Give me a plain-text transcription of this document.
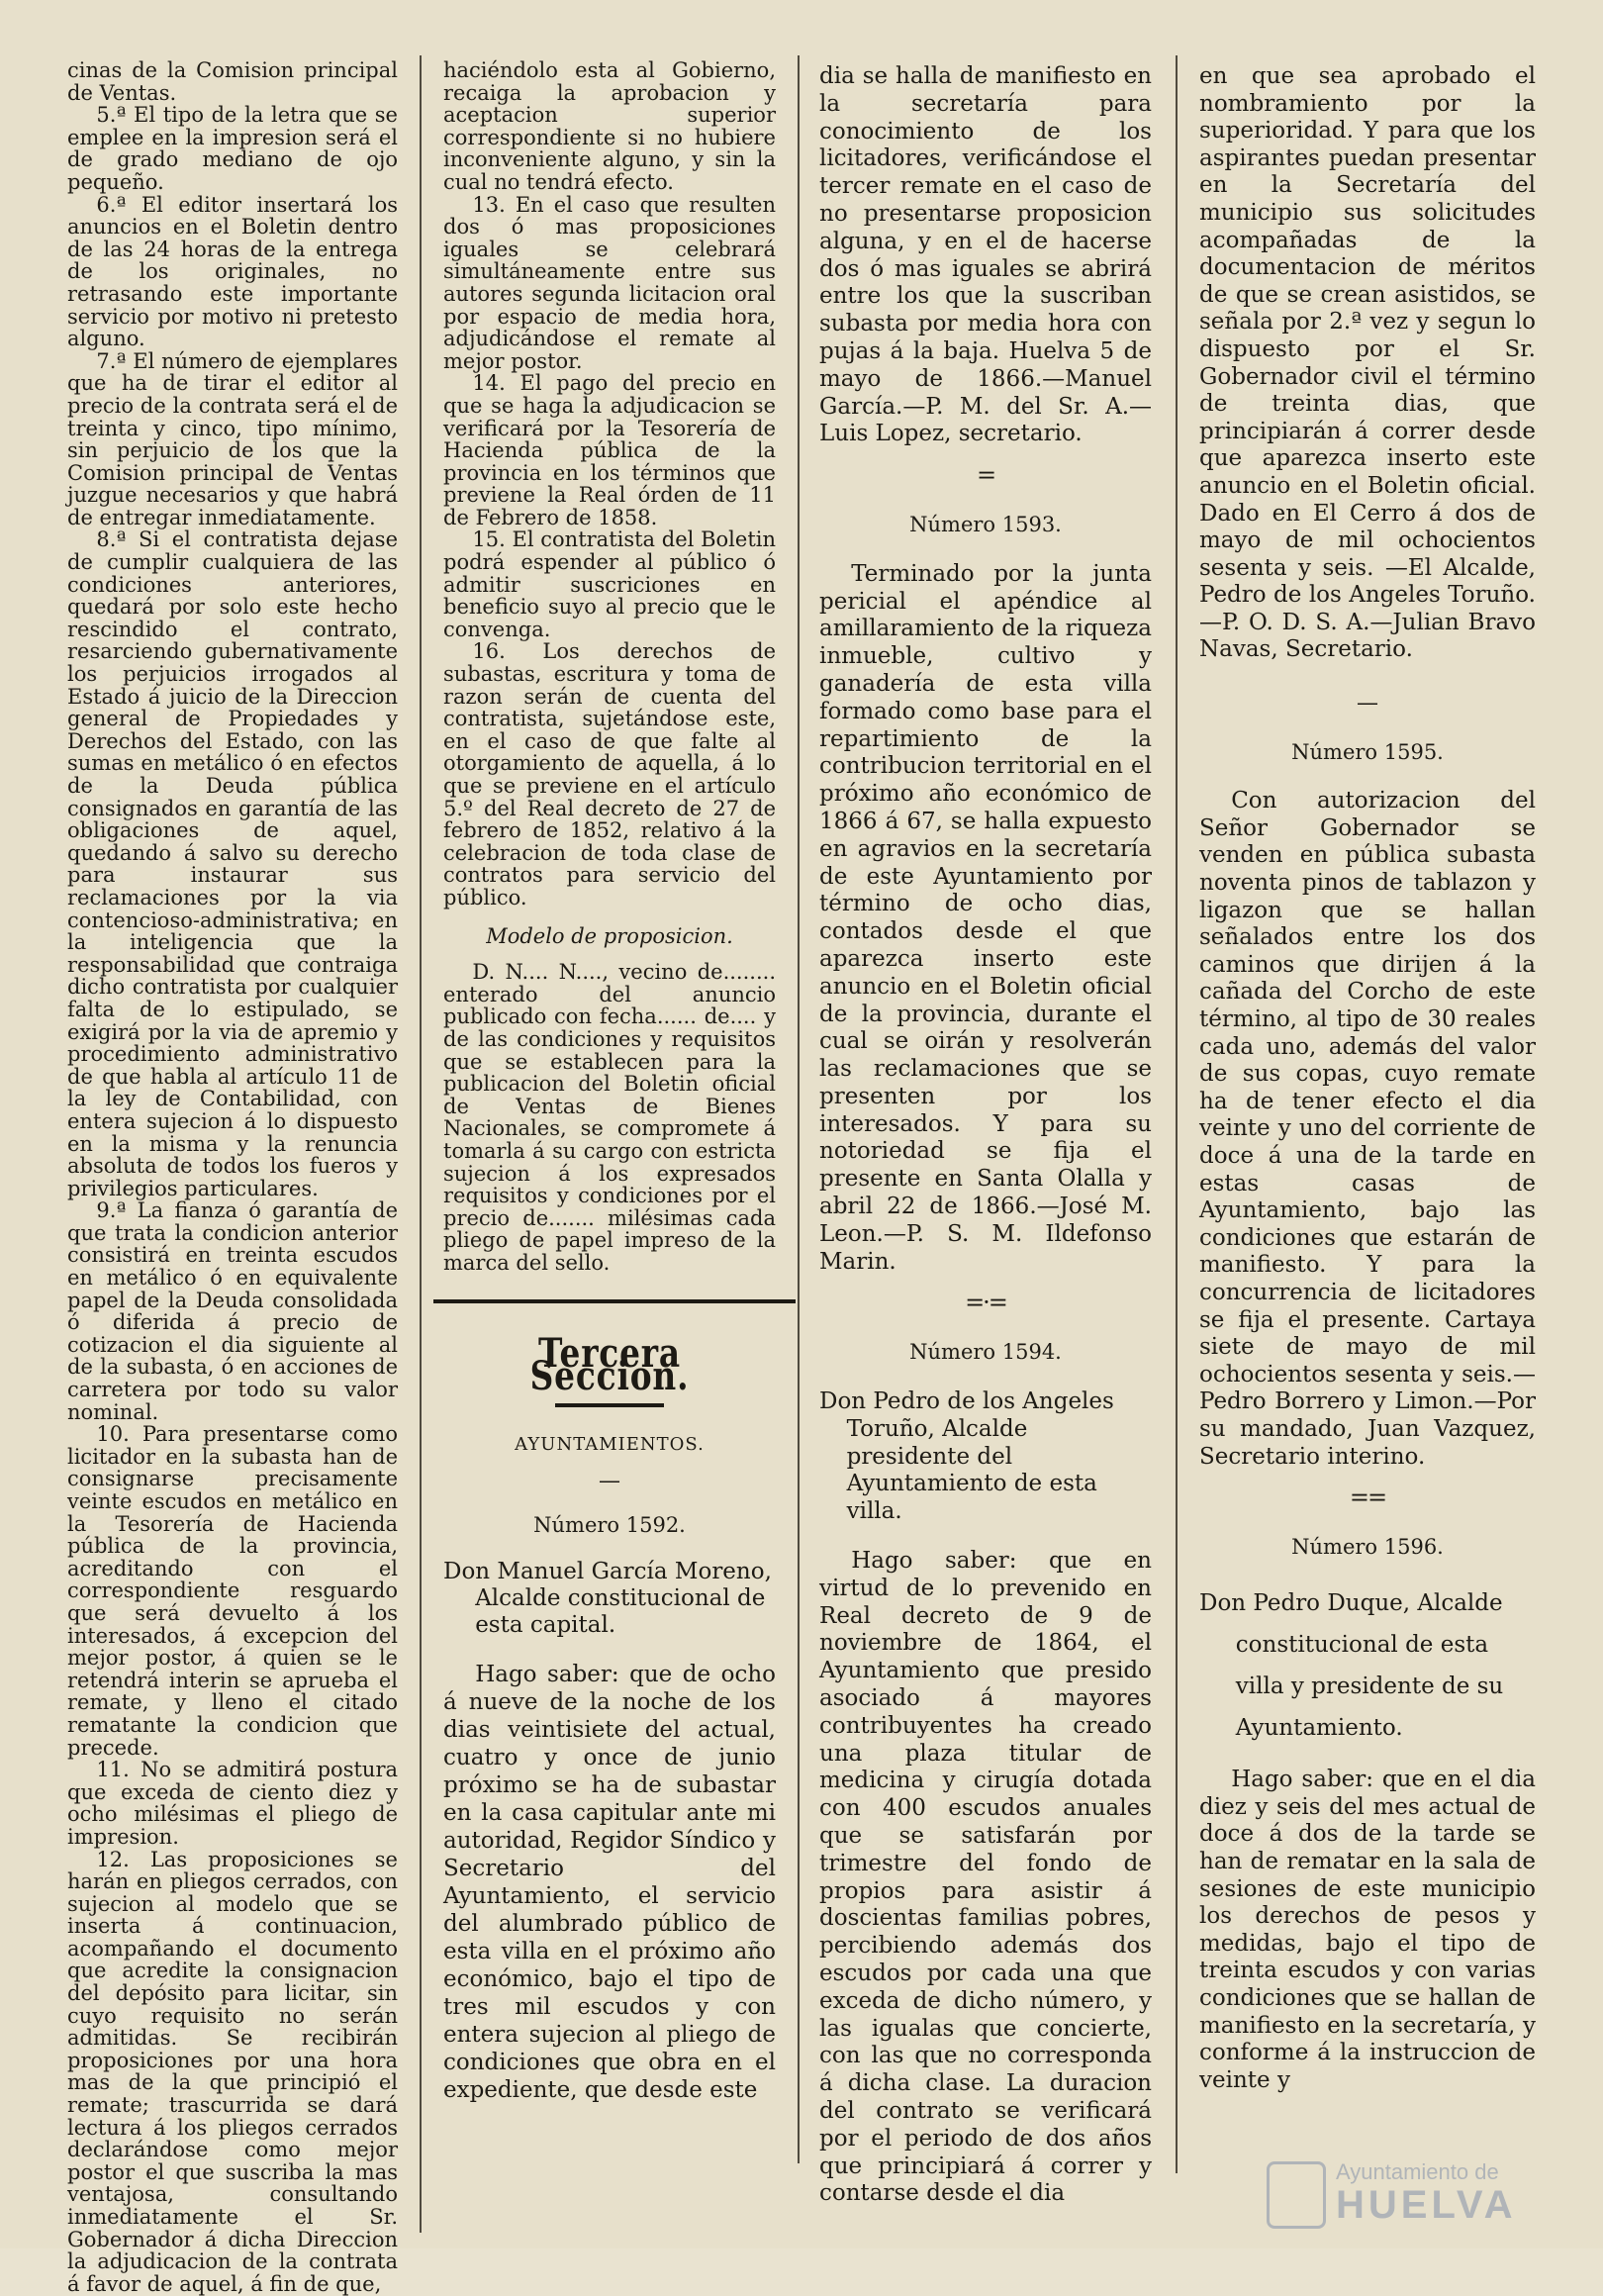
cinas de la Comision principal de Ventas.

5.ª El tipo de la letra que se emplee en la impresion será el de grado mediano de ojo pequeño.

6.ª El editor insertará los anuncios en el Boletin dentro de las 24 horas de la entrega de los originales, no retrasando este importante servicio por motivo ni pretesto alguno.

7.ª El número de ejemplares que ha de tirar el editor al precio de la contrata será el de treinta y cinco, tipo mínimo, sin perjuicio de los que la Comision principal de Ventas juzgue necesarios y que habrá de entregar inmediatamente.

8.ª Si el contratista dejase de cumplir cualquiera de las condiciones anteriores, quedará por solo este hecho rescindido el contrato, resarciendo gubernativamente los perjuicios irrogados al Estado á juicio de la Direccion general de Propiedades y Derechos del Estado, con las sumas en metálico ó en efectos de la Deuda pública consignados en garantía de las obligaciones de aquel, quedando á salvo su derecho para instaurar sus reclamaciones por la via contencioso-administrativa; en la inteligencia que la responsabilidad que contraiga dicho contratista por cualquier falta de lo estipulado, se exigirá por la via de apremio y procedimiento administrativo de que habla al artículo 11 de la ley de Contabilidad, con entera sujecion á lo dispuesto en la misma y la renuncia absoluta de todos los fueros y privilegios particulares.

9.ª La fianza ó garantía de que trata la condicion anterior consistirá en treinta escudos en metálico ó en equivalente papel de la Deuda consolidada ó diferida á precio de cotizacion el dia siguiente al de la subasta, ó en acciones de carretera por todo su valor nominal.

10. Para presentarse como licitador en la subasta han de consignarse precisamente veinte escudos en metálico en la Tesorería de Hacienda pública de la provincia, acreditando con el correspondiente resguardo que será devuelto á los interesados, á excepcion del mejor postor, á quien se le retendrá interin se aprueba el remate, y lleno el citado rematante la condicion que precede.

11. No se admitirá postura que exceda de ciento diez y ocho milésimas el pliego de impresion.

12. Las proposiciones se harán en pliegos cerrados, con sujecion al modelo que se inserta á continuacion, acompañando el documento que acredite la consignacion del depósito para licitar, sin cuyo requisito no serán admitidas. Se recibirán proposiciones por una hora mas de la que principió el remate; trascurrida se dará lectura á los pliegos cerrados declarándose como mejor postor el que suscriba la mas ventajosa, consultando inmediatamente el Sr. Gobernador á dicha Direccion la adjudicacion de la contrata á favor de aquel, á fin de que,

haciéndolo esta al Gobierno, recaiga la aprobacion y aceptacion superior correspondiente si no hubiere inconveniente alguno, y sin la cual no tendrá efecto.

13. En el caso que resulten dos ó mas proposiciones iguales se celebrará simultáneamente entre sus autores segunda licitacion oral por espacio de media hora, adjudicándose el remate al mejor postor.

14. El pago del precio en que se haga la adjudicacion se verificará por la Tesorería de Hacienda pública de la provincia en los términos que previene la Real órden de 11 de Febrero de 1858.

15. El contratista del Boletin podrá espender al público ó admitir suscriciones en beneficio suyo al precio que le convenga.

16. Los derechos de subastas, escritura y toma de razon serán de cuenta del contratista, sujetándose este, en el caso de que falte al otorgamiento de aquella, á lo que se previene en el artículo 5.º del Real decreto de 27 de febrero de 1852, relativo á la celebracion de toda clase de contratos para servicio del público.

Modelo de proposicion.

D. N.... N...., vecino de........ enterado del anuncio publicado con fecha...... de.... y de las condiciones y requisitos que se establecen para la publicacion del Boletin oficial de Ventas de Bienes Nacionales, se compromete á tomarla á su cargo con estricta sujecion á los expresados requisitos y condiciones por el precio de....... milésimas cada pliego de papel impreso de la marca del sello.

Tercera Seccion.

AYUNTAMIENTOS.

—

Número 1592.

Don Manuel García Moreno, Alcalde constitucional de esta capital.

Hago saber: que de ocho á nueve de la noche de los dias veintisiete del actual, cuatro y once de junio próximo se ha de subastar en la casa capitular ante mi autoridad, Regidor Síndico y Secretario del Ayuntamiento, el servicio del alumbrado público de esta villa en el próximo año económico, bajo el tipo de tres mil escudos y con entera sujecion al pliego de condiciones que obra en el expediente, que desde este

dia se halla de manifiesto en la secretaría para conocimiento de los licitadores, verificándose el tercer remate en el caso de no presentarse proposicion alguna, y en el de hacerse dos ó mas iguales se abrirá entre los que la suscriban subasta por media hora con pujas á la baja. Huelva 5 de mayo de 1866.—Manuel García.—P. M. del Sr. A.—Luis Lopez, secretario.

=

Número 1593.

Terminado por la junta pericial el apéndice al amillaramiento de la riqueza inmueble, cultivo y ganadería de esta villa formado como base para el repartimiento de la contribucion territorial en el próximo año económico de 1866 á 67, se halla expuesto en agravios en la secretaría de este Ayuntamiento por término de ocho dias, contados desde el que aparezca inserto este anuncio en el Boletin oficial de la provincia, durante el cual se oirán y resolverán las reclamaciones que se presenten por los interesados. Y para su notoriedad se fija el presente en Santa Olalla y abril 22 de 1866.—José M. Leon.—P. S. M. Ildefonso Marin.

=·=

Número 1594.

Don Pedro de los Angeles Toruño, Alcalde presidente del Ayuntamiento de esta villa.

Hago saber: que en virtud de lo prevenido en Real decreto de 9 de noviembre de 1864, el Ayuntamiento que presido asociado á mayores contribuyentes ha creado una plaza titular de medicina y cirugía dotada con 400 escudos anuales que se satisfarán por trimestre del fondo de propios para asistir á doscientas familias pobres, percibiendo además dos escudos por cada una que exceda de dicho número, y las igualas que concierte, con las que no corresponda á dicha clase. La duracion del contrato se verificará por el periodo de dos años que principiará á correr y contarse desde el dia

en que sea aprobado el nombramiento por la superioridad. Y para que los aspirantes puedan presentar en la Secretaría del municipio sus solicitudes acompañadas de la documentacion de méritos de que se crean asistidos, se señala por 2.ª vez y segun lo dispuesto por el Sr. Gobernador civil el término de treinta dias, que principiarán á correr desde que aparezca inserto este anuncio en el Boletin oficial. Dado en El Cerro á dos de mayo de mil ochocientos sesenta y seis. —El Alcalde, Pedro de los Angeles Toruño.—P. O. D. S. A.—Julian Bravo Navas, Secretario.

—

Número 1595.

Con autorizacion del Señor Gobernador se venden en pública subasta noventa pinos de tablazon y ligazon que se hallan señalados entre los dos caminos que dirijen á la cañada del Corcho de este término, al tipo de 30 reales cada uno, además del valor de sus copas, cuyo remate ha de tener efecto el dia veinte y uno del corriente de doce á una de la tarde en estas casas de Ayuntamiento, bajo las condiciones que estarán de manifiesto. Y para la concurrencia de licitadores se fija el presente. Cartaya siete de mayo de mil ochocientos sesenta y seis.—Pedro Borrero y Limon.—Por su mandado, Juan Vazquez, Secretario interino.

==

Número 1596.

Don Pedro Duque, Alcalde constitucional de esta villa y presidente de su Ayuntamiento.

Hago saber: que en el dia diez y seis del mes actual de doce á dos de la tarde se han de rematar en la sala de sesiones de este municipio los derechos de pesos y medidas, bajo el tipo de treinta escudos y con varias condiciones que se hallan de manifiesto en la secretaría, y conforme á la instruccion de veinte y

Ayuntamiento de
HUELVA
